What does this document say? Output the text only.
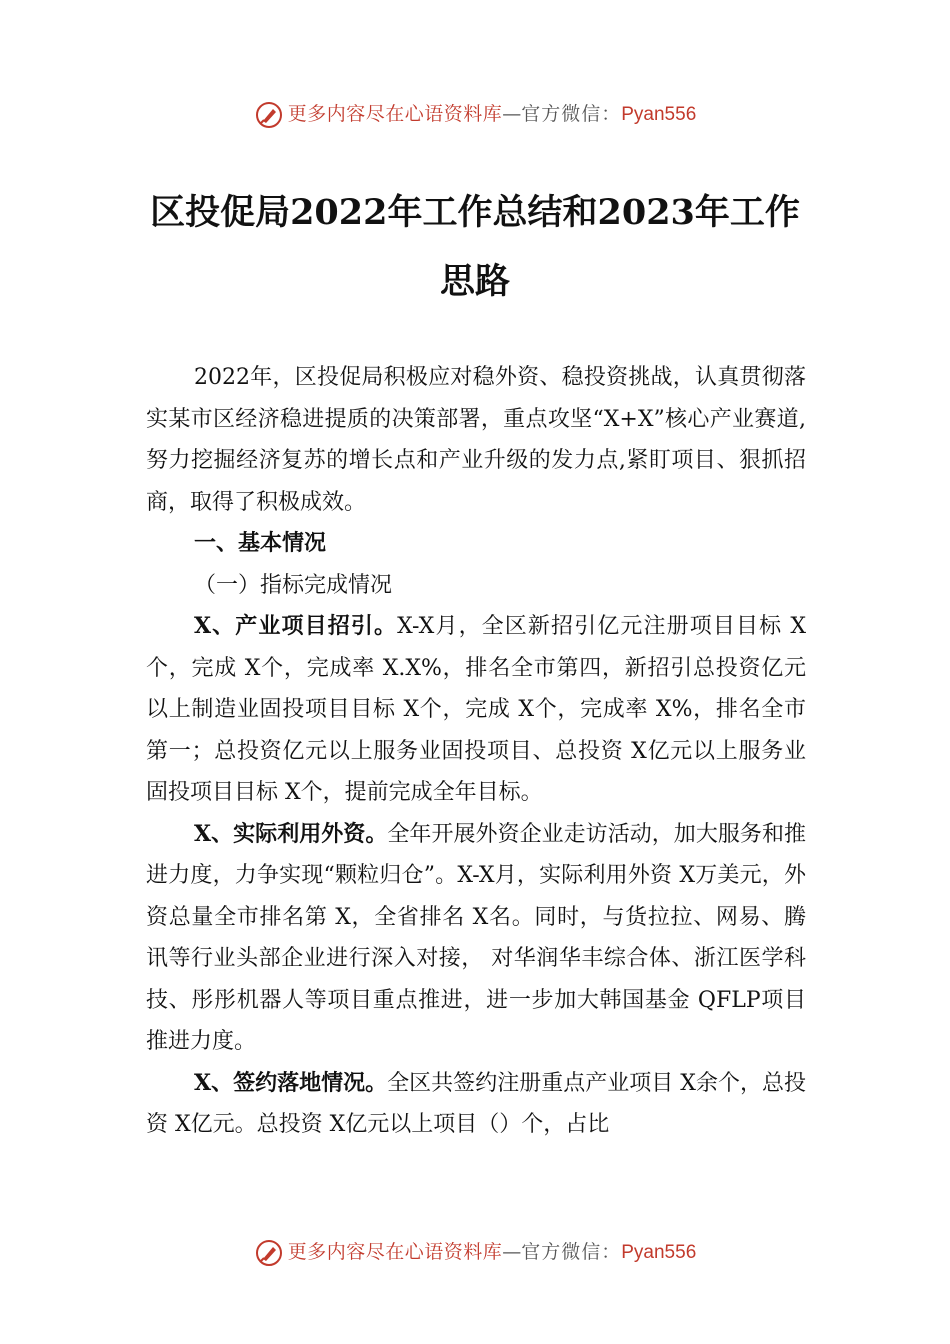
更多内容尽在心语资料库—官方微信：Pyan556
区投促局2022年工作总结和2023年工作思路

2022年，区投促局积极应对稳外资、稳投资挑战，认真贯彻落实某市区经济稳进提质的决策部署，重点攻坚“X+X”核心产业赛道,努力挖掘经济复苏的增长点和产业升级的发力点,紧盯项目、狠抓招商，取得了积极成效。

一、基本情况

（一）指标完成情况

X、产业项目招引。X-X月，全区新招引亿元注册项目目标 X个，完成 X个，完成率 X.X%，排名全市第四，新招引总投资亿元以上制造业固投项目目标 X个，完成 X个，完成率 X%，排名全市第一；总投资亿元以上服务业固投项目、总投资 X亿元以上服务业固投项目目标 X个，提前完成全年目标。

X、实际利用外资。全年开展外资企业走访活动，加大服务和推进力度，力争实现“颗粒归仓”。X-X月，实际利用外资 X万美元，外资总量全市排名第 X，全省排名 X名。同时，与货拉拉、网易、腾讯等行业头部企业进行深入对接， 对华润华丰综合体、浙江医学科技、彤彤机器人等项目重点推进，进一步加大韩国基金 QFLP项目推进力度。

X、签约落地情况。全区共签约注册重点产业项目 X余个，总投资 X亿元。总投资 X亿元以上项目（）个，占比

更多内容尽在心语资料库—官方微信：Pyan556
